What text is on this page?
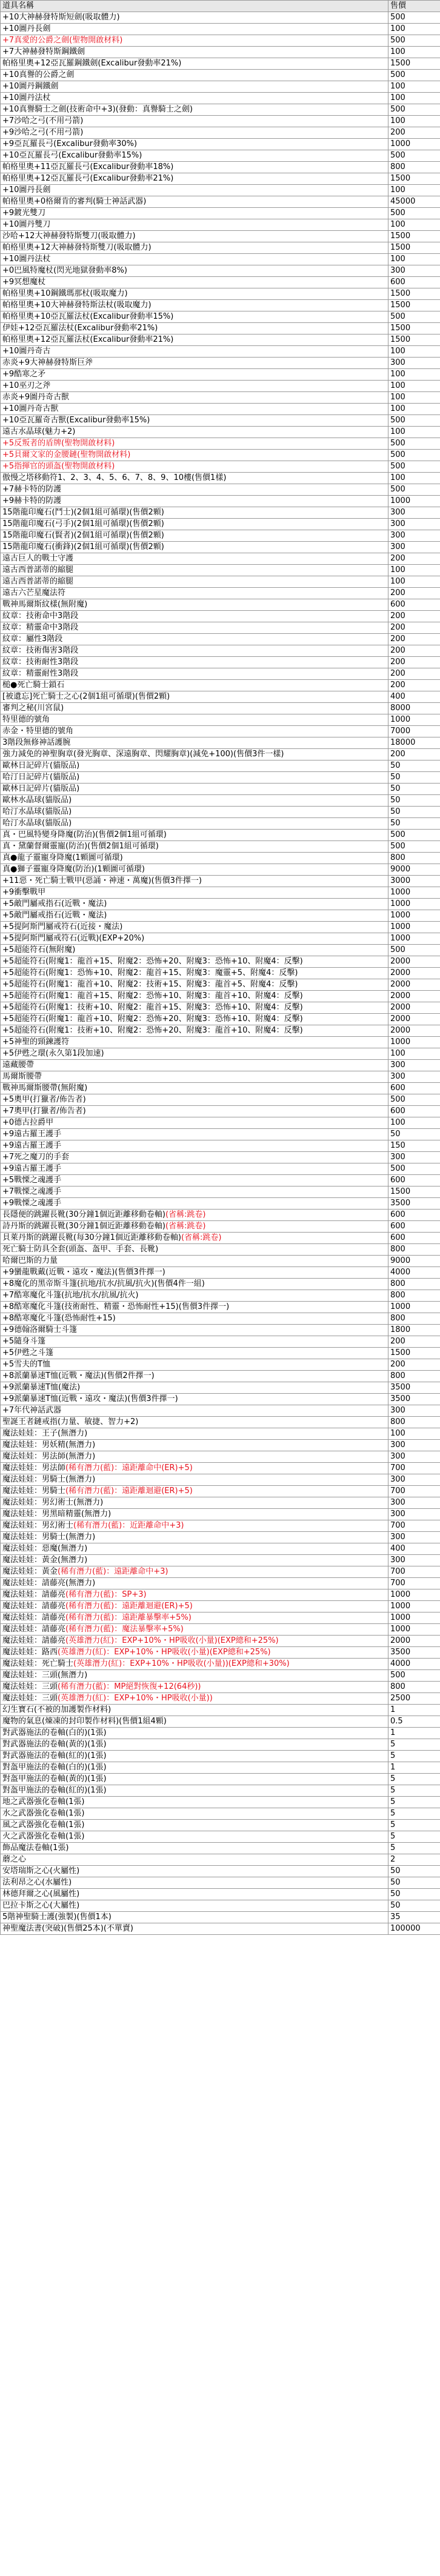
道具名稱	售價
+10大神赫發特斯短劍(吸取體力)	500
+10圖丹長劍	100
+7真愛的公爵之劍(聖物開啟材料)	500
+7大神赫發特斯鋼鐵劍	100
帕格里奧+12亞瓦羅鋼鐵劍(Excalibur發動率21%)	1500
+10真譽的公爵之劍	500
+10圖丹鋼鐵劍	100
+10圖丹法杖	100
+10真譽騎士之劍(技術命中+3)(發動：真譽騎士之劍)	500
+7沙哈之弓(不用弓箭)	100
+9沙哈之弓(不用弓箭)	200
+9亞瓦羅長弓(Excalibur發動率30%)	1000
+10亞瓦羅長弓(Excalibur發動率15%)	500
帕格里奧+11亞瓦羅長弓(Excalibur發動率18%)	800
帕格里奧+12亞瓦羅長弓(Excalibur發動率21%)	1500
+10圖丹長劍	100
帕格里奧+0格爾肯的審判(騎士神話武器)	45000
+9鍍光雙刀	500
+10圖丹雙刀	100
沙哈+12大神赫發特斯雙刀(吸取體力)	1500
帕格里奧+12大神赫發特斯雙刀(吸取體力)	1500
+10圖丹法杖	100
+0巴風特魔杖(閃光地獄發動率8%)	300
+9冥想魔杖	600
帕格里奧+10鋼鐵瑪那杖(吸取魔力)	1500
帕格里奧+10大神赫發特斯法杖(吸取魔力)	1500
帕格里奧+10亞瓦羅法杖(Excalibur發動率15%)	500
伊娃+12亞瓦羅法杖(Excalibur發動率21%)	1500
帕格里奧+12亞瓦羅法杖(Excalibur發動率21%)	1500
+10圖丹奇古	100
赤炎+9大神赫發特斯巨斧	300
+9酷寒之矛	100
+10巫刃之斧	100
赤炎+9圖丹奇古獸	100
+10圖丹奇古獸	100
+10亞瓦羅奇古獸(Excalibur發動率15%)	500
遠古水晶球(魅力+2)	100
+5反叛者的盾牌(聖物開啟材料)	500
+5貝爾文家的金腰鏈(聖物開啟材料)	500
+5指揮官的頭盔(聖物開啟材料)	500
傲慢之塔移動符1、2、3、4、5、6、7、8、9、10樓(售價1樣)	100
+7赫卡特的防護	500
+9赫卡特的防護	1000
15階龍印魔石(鬥士)(2個1組可循環)(售價2顆)	300
15階龍印魔石(弓手)(2個1組可循環)(售價2顆)	300
15階龍印魔石(賢者)(2個1組可循環)(售價2顆)	300
15階龍印魔石(衝鋒)(2個1組可循環)(售價2顆)	300
遠古巨人的戰士守護	200
遠古西普諾蒂的縮腿	100
遠古西普諾蒂的縮腿	100
遠古六芒星魔法符	200
戰神馬爾斯紋樣(無附魔)	600
紋章：技術命中3階段	200
紋章：精靈命中3階段	200
紋章：屬性3階段	200
紋章：技術傷害3階段	200
紋章：技術耐性3階段	200
紋章：精靈耐性3階段	200
槌●死亡騎士鎖石	200
[被遺忘]死亡騎士之心(2個1組可循環)(售價2顆)	400
審判之秘(川宮鼠)	8000
特里德的號角	1000
赤金・特里德的號角	7000
3階段無修神話護腕	18000
強力減免的神聖胸章(發光胸章、深遠胸章、閃耀胸章)(減免+100)(售價3件一樣)	200
歐林日記碎片(貓版品)	50
哈汀日記碎片(貓版品)	50
歐林日記碎片(貓版品)	50
歐林水晶球(貓版品)	50
哈汀水晶球(貓版品)	50
哈汀水晶球(貓版品)	50
真・巴風特變身降魔(防治)(售價2個1組可循環)	500
真・黛蘭督爾靈寵(防治)(售價2個1組可循環)	500
真●龍子靈寵身降魔(1顆圖可循環)	800
真●獅子靈寵身降魔(防治)(1顆圖可循環)	9000
+11惡・死亡騎士戰甲(惡誦・神速・萬魔)(售價3件擇一)	3000
+9衝擊戰甲	1000
+5敵門屬戒指石(近戰・魔法)	1000
+5敵門屬戒指石(近戰・魔法)	1000
+5提阿斯門屬戒符石(近接・魔法)	1000
+5提阿斯門屬戒符石(近戰)(EXP+20%)	1000
+5超能符石(無附魔)	500
+5超能符石(附魔1：龍首+15、附魔2：恐怖+20、附魔3：恐怖+10、附魔4：反擊)	2000
+5超能符石(附魔1：恐怖+10、附魔2：龍首+15、附魔3：魔靈+5、附魔4：反擊)	2000
+5超能符石(附魔1：龍首+10、附魔2：技術+15、附魔3：龍首+5、附魔4：反擊)	2000
+5超能符石(附魔1：龍首+15、附魔2：恐怖+10、附魔3：龍首+10、附魔4：反擊)	2000
+5超能符石(附魔1：技術+10、附魔2：龍首+15、附魔3：恐怖+10、附魔4：反擊)	2000
+5超能符石(附魔1：龍首+10、附魔2：恐怖+20、附魔3：恐怖+10、附魔4：反擊)	2000
+5超能符石(附魔1：技術+10、附魔2：恐怖+20、附魔3：龍首+10、附魔4：反擊)	2000
+5神聖的頸鍊護符	1000
+5伊甦之環(永久第1段加速)	100
遠藏腰帶	300
馬爾斯腰帶	300
戰神馬爾斯腰帶(無附魔)	600
+5奧甲(打獵者/佈告者)	500
+7奧甲(打獵者/佈告者)	600
+0德古拉爵甲	100
+9遠古羅王護手	50
+9遠古羅王護手	150
+7死之魔刀的手套	300
+9遠古羅王護手	500
+5戰慄之魂護手	600
+7戰慄之魂護手	1500
+9戰慄之魂護手	3500
長隱便的跳躍長靴(30分鐘1個近距離移動卷軸)(省稱:跳卷)	600
詩丹斯的跳躍長靴(30分鐘1個近距離移動卷軸)(省稱:跳卷)	600
貝萊丹斯的跳躍長靴(每30分鐘1個近距離移動卷軸)(省稱:跳卷)	600
死亡騎士防具全套(頭盔、盔甲、手套、長靴)	800
哈爾巴斯的力量	9000
+9蠻龍戰戴(近戰・遠攻・魔法)(售價3件擇一)	4000
+8魔化的黑帝斯斗篷(抗地/抗水/抗風/抗火)(售價4件一組)	800
+7酷寒魔化斗篷(抗地/抗水/抗風/抗火)	800
+8酷寒魔化斗篷(技術耐性、精靈・恐怖耐性+15)(售價3件擇一)	1000
+8酷寒魔化斗篷(恐怖耐性+15)	800
+9德翰洛爾騎士斗篷	1800
+5隨身斗篷	200
+5伊甦之斗篷	1500
+5雪夫的T恤	200
+8派蘭暴速T恤(近戰・魔法)(售價2件擇一)	800
+9派蘭暴速T恤(魔法)	3500
+9派蘭暴速T恤(近戰・遠攻・魔法)(售價3件擇一)	3500
+7年代神話武器	300
聖誕王者鏈戒指(力量、敏捷、智力+2)	800
魔法娃娃：王子(無潛力)	100
魔法娃娃：男妖精(無潛力)	300
魔法娃娃：男法師(無潛力)	300
魔法娃娃：男法師(稀有潛力(藍)：遠距離命中(ER)+5)	700
魔法娃娃：男騎士(無潛力)	300
魔法娃娃：男騎士(稀有潛力(藍)：遠距離迴避(ER)+5)	700
魔法娃娃：男幻術士(無潛力)	300
魔法娃娃：男黑暗精靈(無潛力)	300
魔法娃娃：男幻術士(稀有潛力(藍)：近距離命中+3)	700
魔法娃娃：男騎士(無潛力)	300
魔法娃娃：惡魔(無潛力)	400
魔法娃娃：黃金(無潛力)	300
魔法娃娃：黃金(稀有潛力(藍)：遠距離命中+3)	700
魔法娃娃：請藤亮(無潛力)	700
魔法娃娃：請藤亮(稀有潛力(藍)：SP+3)	1000
魔法娃娃：請藤亮(稀有潛力(藍)：遠距離迴避(ER)+5)	1000
魔法娃娃：請藤亮(稀有潛力(藍)：遠距離暴擊率+5%)	1000
魔法娃娃：請藤亮(稀有潛力(藍)：魔法暴擊率+5%)	1000
魔法娃娃：請藤亮(英雄潛力(紅)：EXP+10%・HP吸收(小量)(EXP總和+25%)	2000
魔法娃娃：路西(英雄潛力(紅)：EXP+10%・HP吸收(小量)(EXP總和+25%)	3500
魔法娃娃：死亡騎士(英雄潛力(紅)：EXP+10%・HP吸收(小量))(EXP總和+30%)	4000
魔法娃娃：三頭(無潛力)	500
魔法娃娃：三頭(稀有潛力(藍)：MP絕對恢復+12(64秒))	800
魔法娃娃：三頭(英雄潛力(紅)：EXP+10%・HP吸收(小量))	2500
幻生寶石(不被的加護製作材料)	1
魔物的氣息(煉凍的封印製作材料)(售價1組4顆)	0.5
對武器施法的卷軸(白的)(1張)	1
對武器施法的卷軸(黃的)(1張)	5
對武器施法的卷軸(紅的)(1張)	5
對盔甲施法的卷軸(白的)(1張)	1
對盔甲施法的卷軸(黃的)(1張)	5
對盔甲施法的卷軸(紅的)(1張)	5
地之武器強化卷軸(1張)	5
水之武器強化卷軸(1張)	5
風之武器強化卷軸(1張)	5
火之武器強化卷軸(1張)	5
飾品魔法卷軸(1張)	5
蘑之心	2
安塔瑞斯之心(火屬性)	50
法利昂之心(水屬性)	50
林德拜爾之心(風屬性)	50
巴拉卡斯之心(大屬性)	50
5階神聖騎士護(強製)(售價1本)	35
神聖魔法書(突破)(售價25本)(不單賣)	100000
